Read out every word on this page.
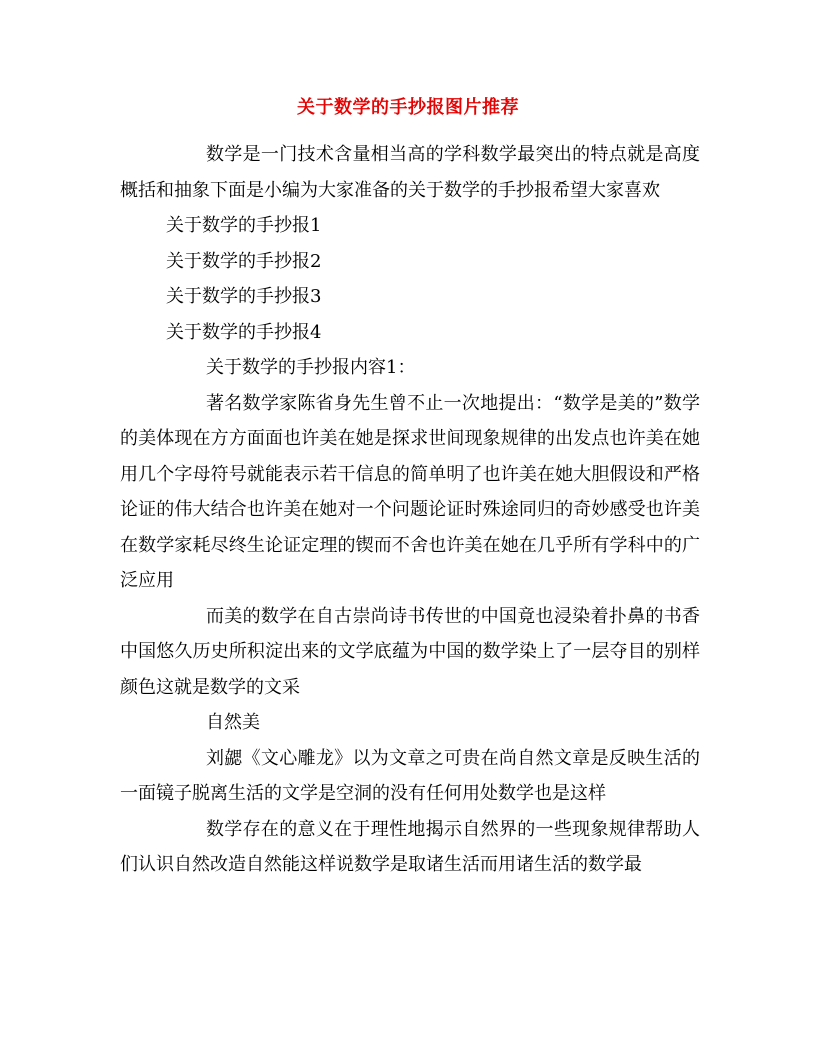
关于数学的手抄报图片推荐

数学是一门技术含量相当高的学科数学最突出的特点就是高度概括和抽象下面是小编为大家准备的关于数学的手抄报希望大家喜欢

关于数学的手抄报1

关于数学的手抄报2

关于数学的手抄报3

关于数学的手抄报4

关于数学的手抄报内容1：

著名数学家陈省身先生曾不止一次地提出：“数学是美的”数学的美体现在方方面面也许美在她是探求世间现象规律的出发点也许美在她用几个字母符号就能表示若干信息的简单明了也许美在她大胆假设和严格论证的伟大结合也许美在她对一个问题论证时殊途同归的奇妙感受也许美在数学家耗尽终生论证定理的锲而不舍也许美在她在几乎所有学科中的广泛应用

而美的数学在自古崇尚诗书传世的中国竟也浸染着扑鼻的书香中国悠久历史所积淀出来的文学底蕴为中国的数学染上了一层夺目的别样颜色这就是数学的文采

自然美

刘勰《文心雕龙》以为文章之可贵在尚自然文章是反映生活的一面镜子脱离生活的文学是空洞的没有任何用处数学也是这样

数学存在的意义在于理性地揭示自然界的一些现象规律帮助人们认识自然改造自然能这样说数学是取诸生活而用诸生活的数学最
